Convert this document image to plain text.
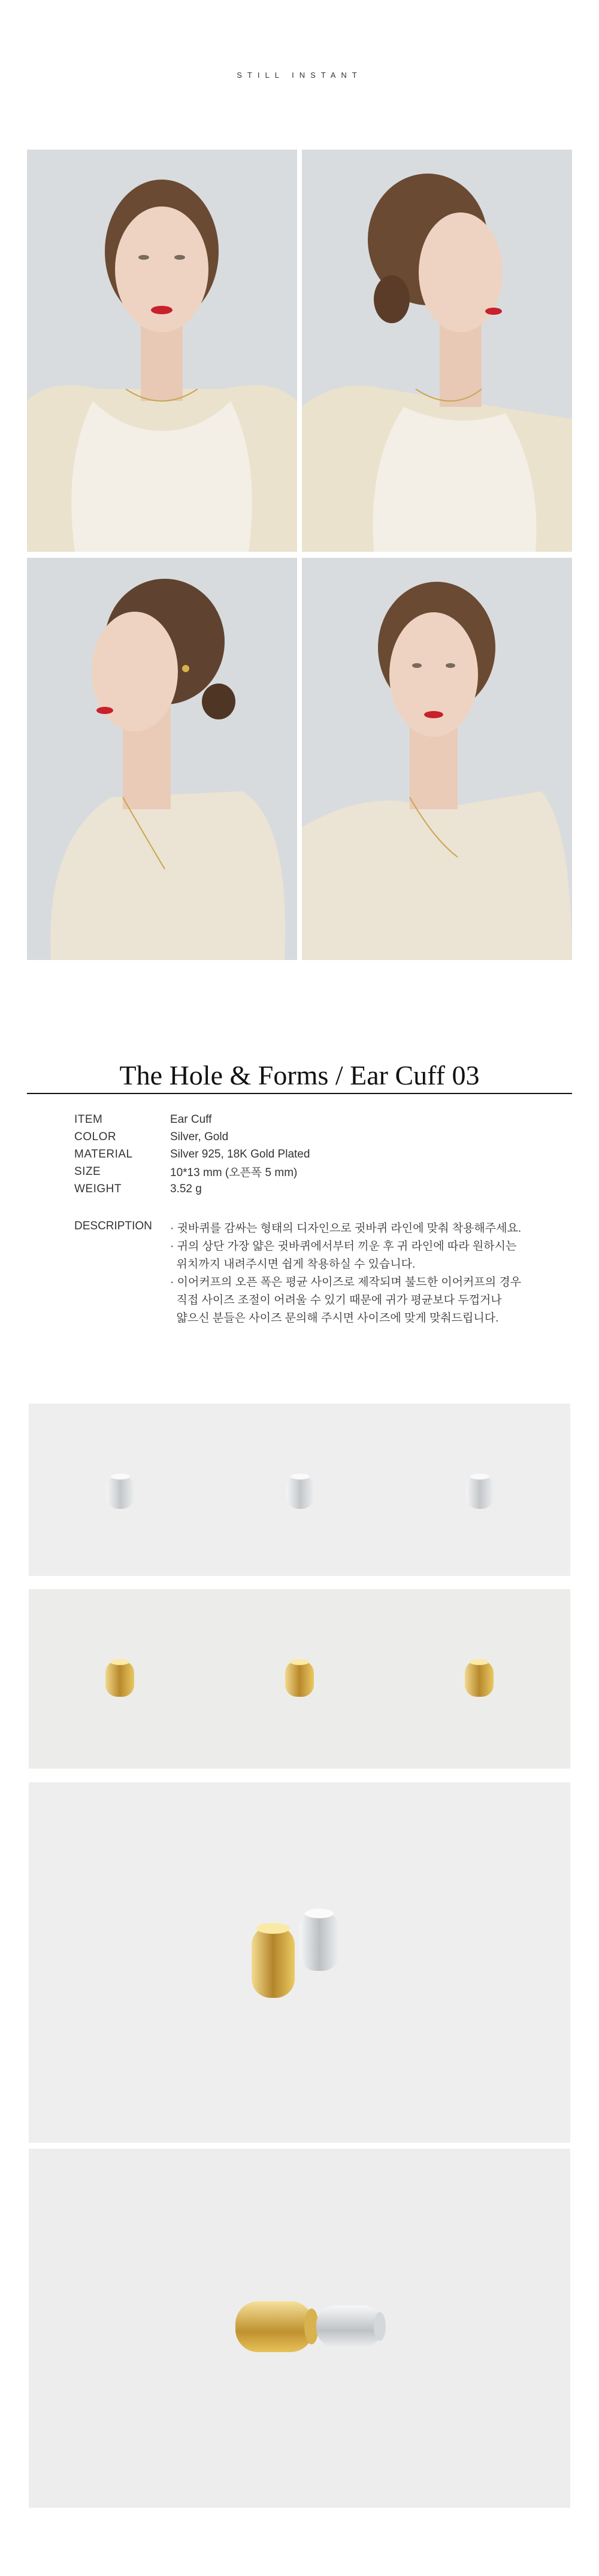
STILL INSTANT
The Hole & Forms / Ear Cuff 03
ITEM	Ear Cuff
COLOR	Silver, Gold
MATERIAL	Silver 925, 18K Gold Plated
SIZE	10*13 mm (오픈폭 5 mm)
WEIGHT	3.52 g
DESCRIPTION	· 귓바퀴를 감싸는 형태의 디자인으로 귓바퀴 라인에 맞춰 착용해주세요.
· 귀의 상단 가장 얇은 귓바퀴에서부터 끼운 후 귀 라인에 따라 원하시는
위치까지 내려주시면 쉽게 착용하실 수 있습니다.
· 이어커프의 오픈 폭은 평균 사이즈로 제작되며 불드한 이어커프의 경우
직접 사이즈 조절이 어려울 수 있기 때문에 귀가 평균보다 두껍거나
얇으신 분들은 사이즈 문의해 주시면 사이즈에 맞게 맞춰드립니다.
